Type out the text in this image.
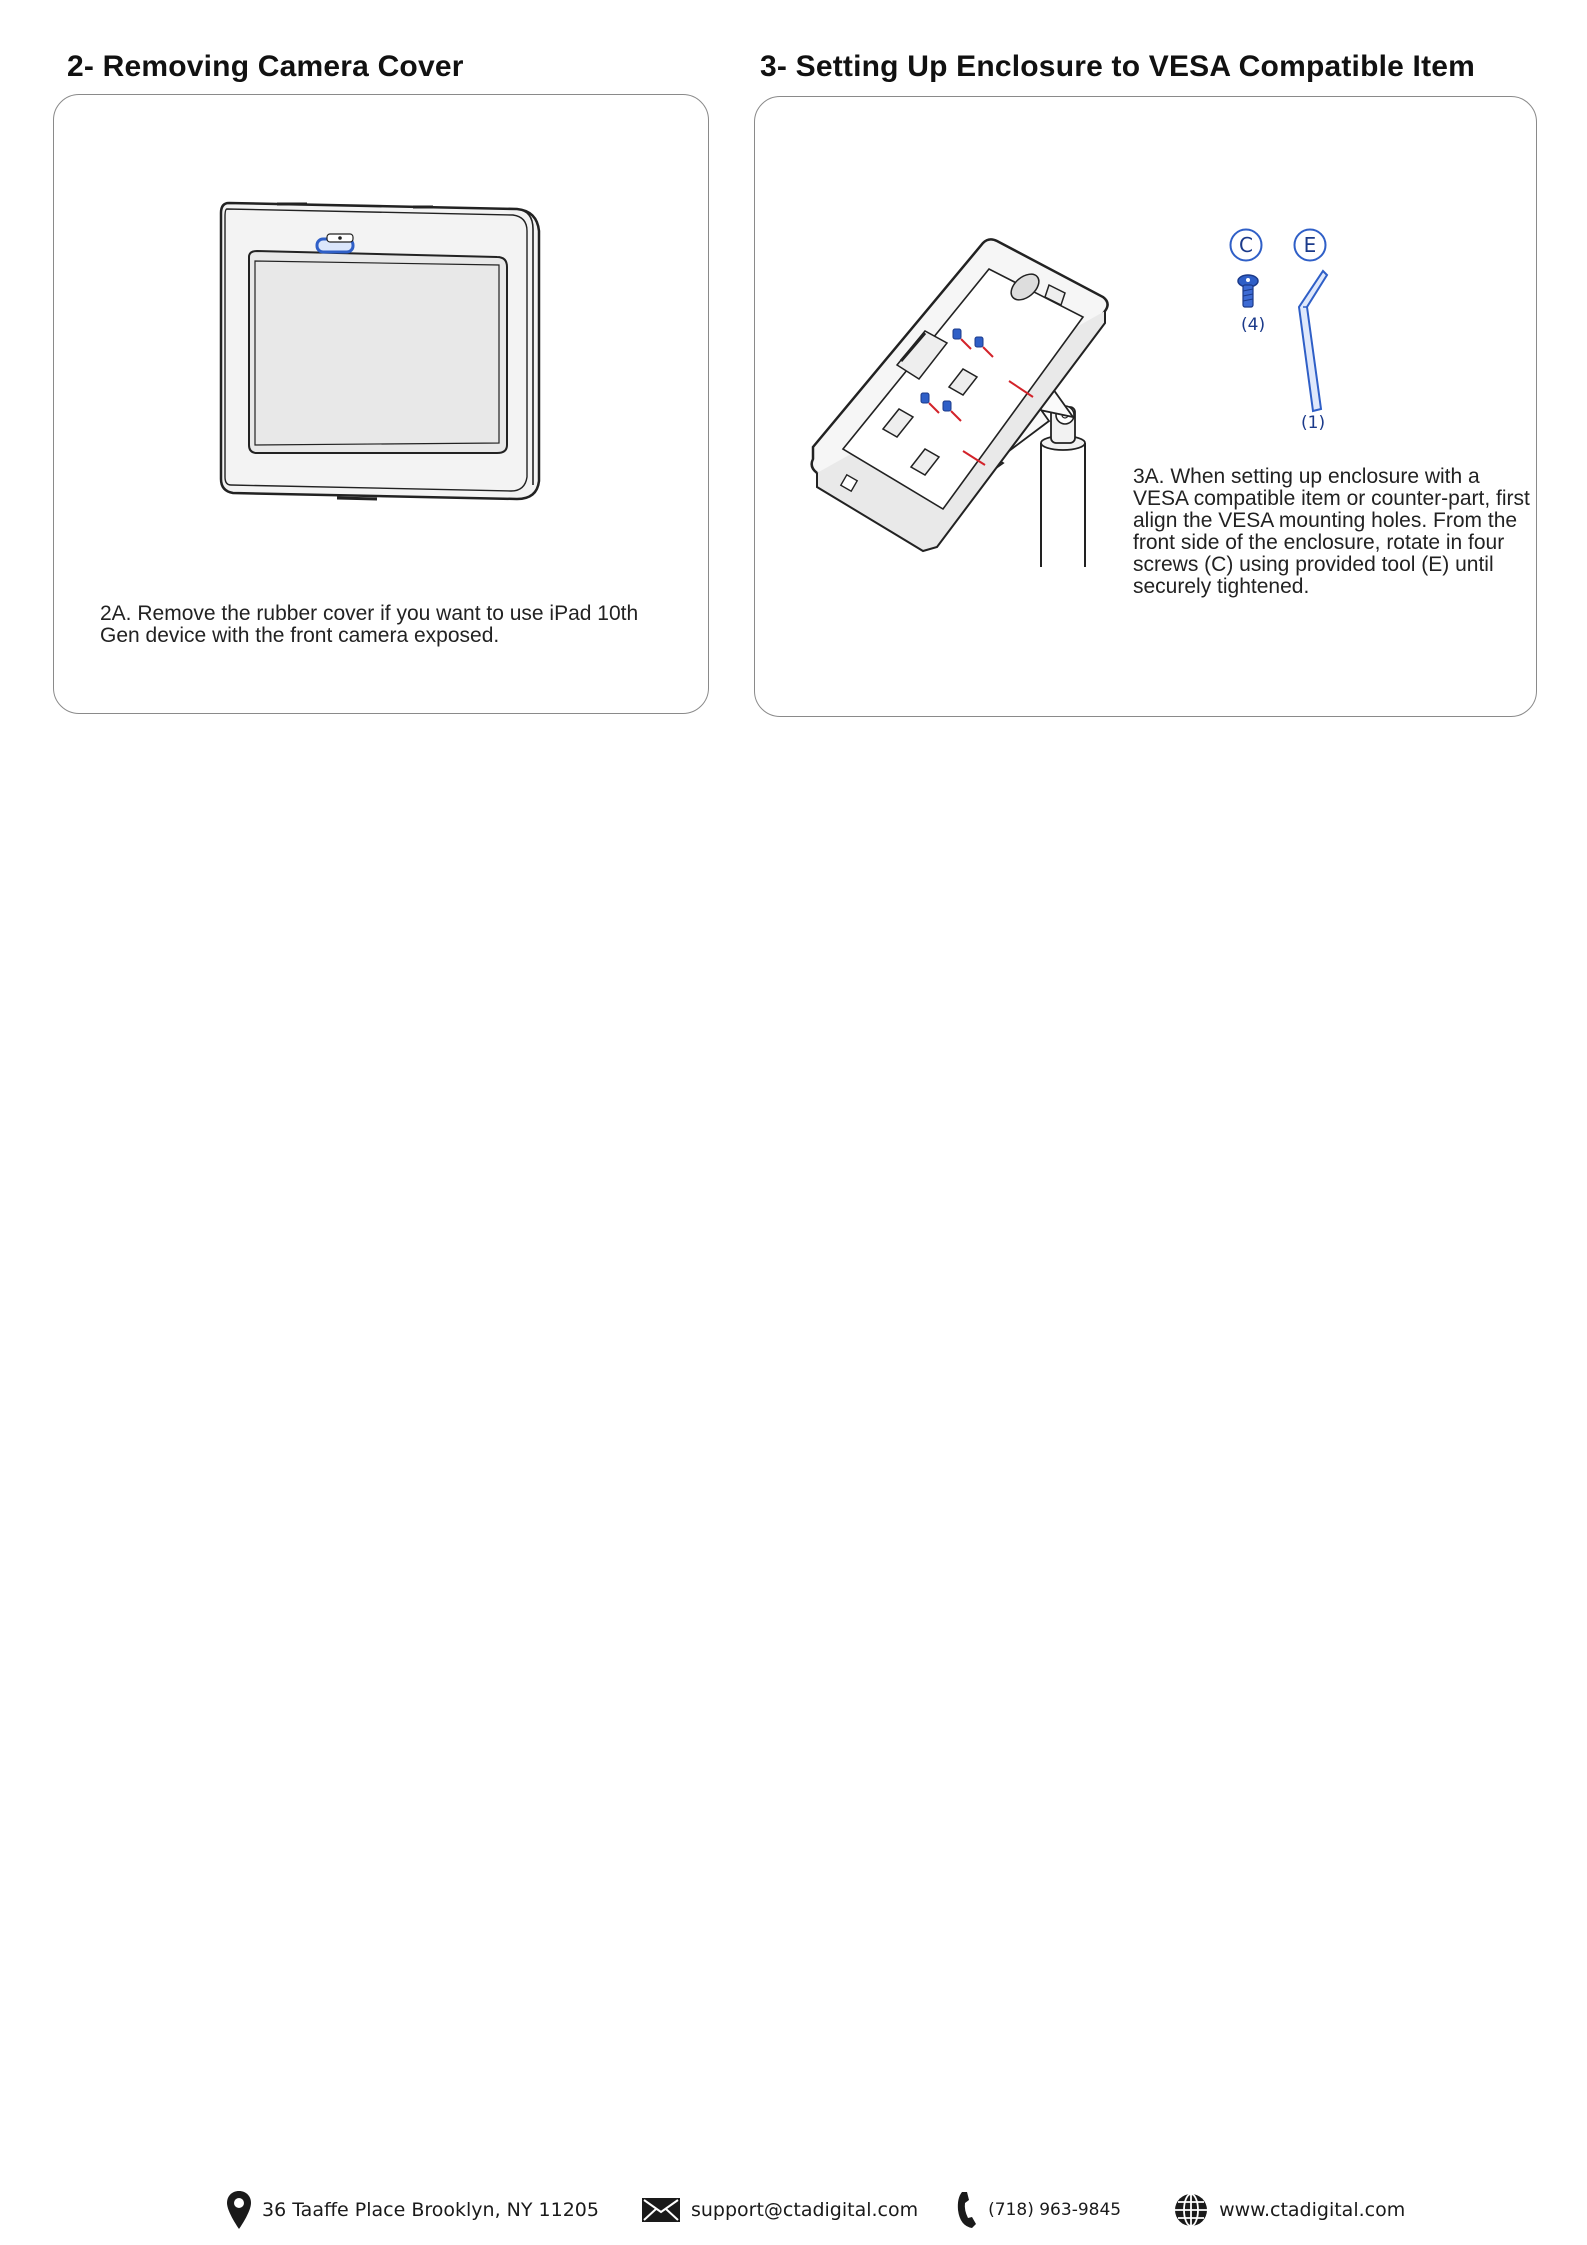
2- Removing Camera Cover
2A. Remove the rubber cover if you want to use iPad 10th Gen device with the front camera exposed.
3- Setting Up Enclosure to VESA Compatible Item
C	E
(4)
(1)
3A. When setting up enclosure with a VESA compatible item or counter-part, first align the VESA mounting holes. From the front side of the enclosure, rotate in four screws (C) using provided tool (E) until securely tightened.
36 Taaffe Place Brooklyn, NY 11205	support@ctadigital.com	(718) 963-9845	www.ctadigital.com
